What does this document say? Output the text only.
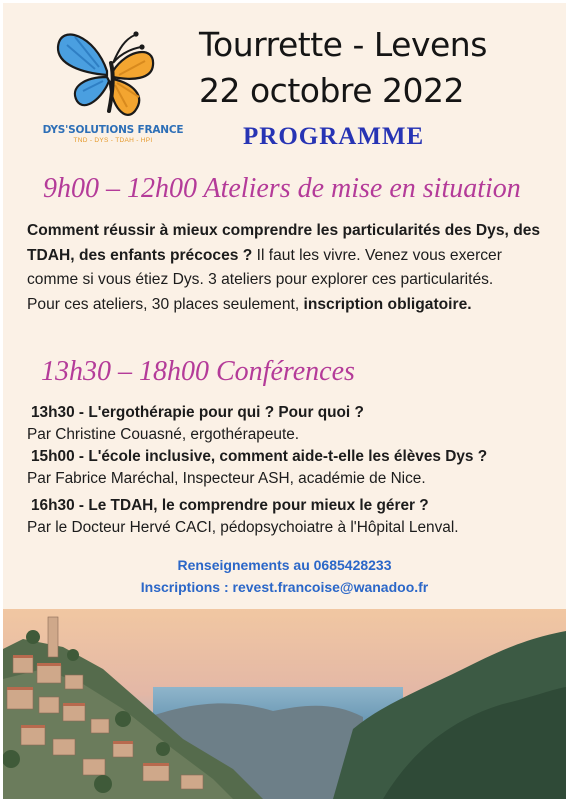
DYS'SOLUTIONS FRANCE
TND - DYS - TDAH - HPI
Tourrette - Levens
22 octobre 2022
PROGRAMME
9h00 – 12h00 Ateliers de mise en situation
Comment réussir à mieux comprendre les particularités des Dys, des TDAH, des enfants précoces ? Il faut les vivre. Venez vous exercer comme si vous étiez Dys. 3 ateliers pour explorer ces particularités.
Pour ces ateliers, 30 places seulement, inscription obligatoire.
13h30 – 18h00 Conférences
13h30 - L'ergothérapie pour qui ? Pour quoi ?
Par Christine Couasné, ergothérapeute.
15h00 - L'école inclusive, comment aide-t-elle les élèves Dys ?
Par Fabrice Maréchal, Inspecteur ASH, académie de Nice.
16h30 - Le TDAH, le comprendre pour mieux le gérer ?
Par le Docteur Hervé CACI, pédopsychoiatre à l'Hôpital Lenval.
Renseignements au 0685428233
Inscriptions : revest.francoise@wanadoo.fr
